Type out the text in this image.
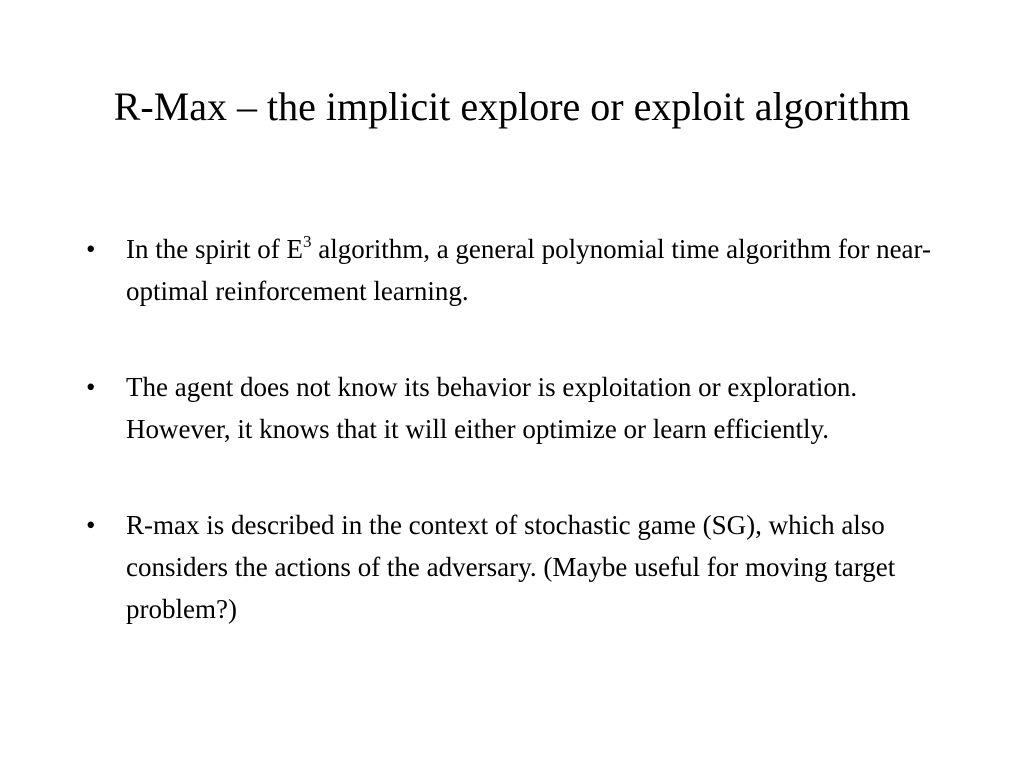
R-Max – the implicit explore or exploit algorithm
•	In the spirit of $E^3$ algorithm, a general polynomial time algorithm for near-optimal reinforcement learning.
•	The agent does not know its behavior is exploitation or exploration. However, it knows that it will either optimize or learn efficiently.
•	R-max is described in the context of stochastic game (SG), which also considers the actions of the adversary. (Maybe useful for moving target problem?)
